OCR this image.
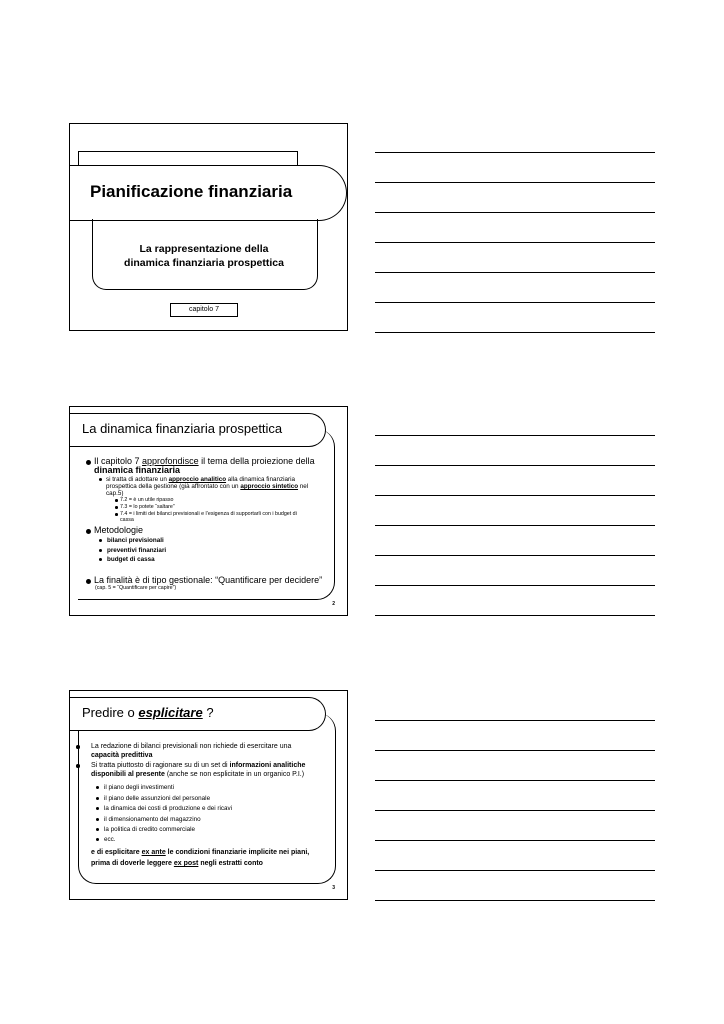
Pianificazione finanziaria
La rappresentazione della
dinamica finanziaria prospettica
capitolo 7
La dinamica finanziaria prospettica
Il capitolo 7 approfondisce il tema della proiezione della
dinamica finanziaria
si tratta di adottare un approccio analitico alla dinamica finanziaria
prospettica della gestione (già affrontato con un approccio sintetico nel
cap.5)
7.2 = è un utile ripasso
7.3 = lo potete “saltare”
7.4 = i limiti dei bilanci previsionali e l’esigenza di supportarli con i budget di
cassa
Metodologie
bilanci previsionali
preventivi finanziari
budget di cassa
La finalità è di tipo gestionale: “Quantificare per decidere”
(cap. 5 = “Quantificare per capire”)
2
Predire o esplicitare ?
La redazione di bilanci previsionali non richiede di esercitare una
capacità predittiva
Si tratta piuttosto di ragionare su di un set di informazioni analitiche
disponibili al presente (anche se non esplicitate in un organico P.I.)
il piano degli investimenti
il piano delle assunzioni del personale
la dinamica dei costi di produzione e dei ricavi
il dimensionamento del magazzino
la politica di credito commerciale
ecc.
e di esplicitare ex ante le condizioni finanziarie implicite nei piani,
prima di doverle leggere ex post negli estratti conto
3
